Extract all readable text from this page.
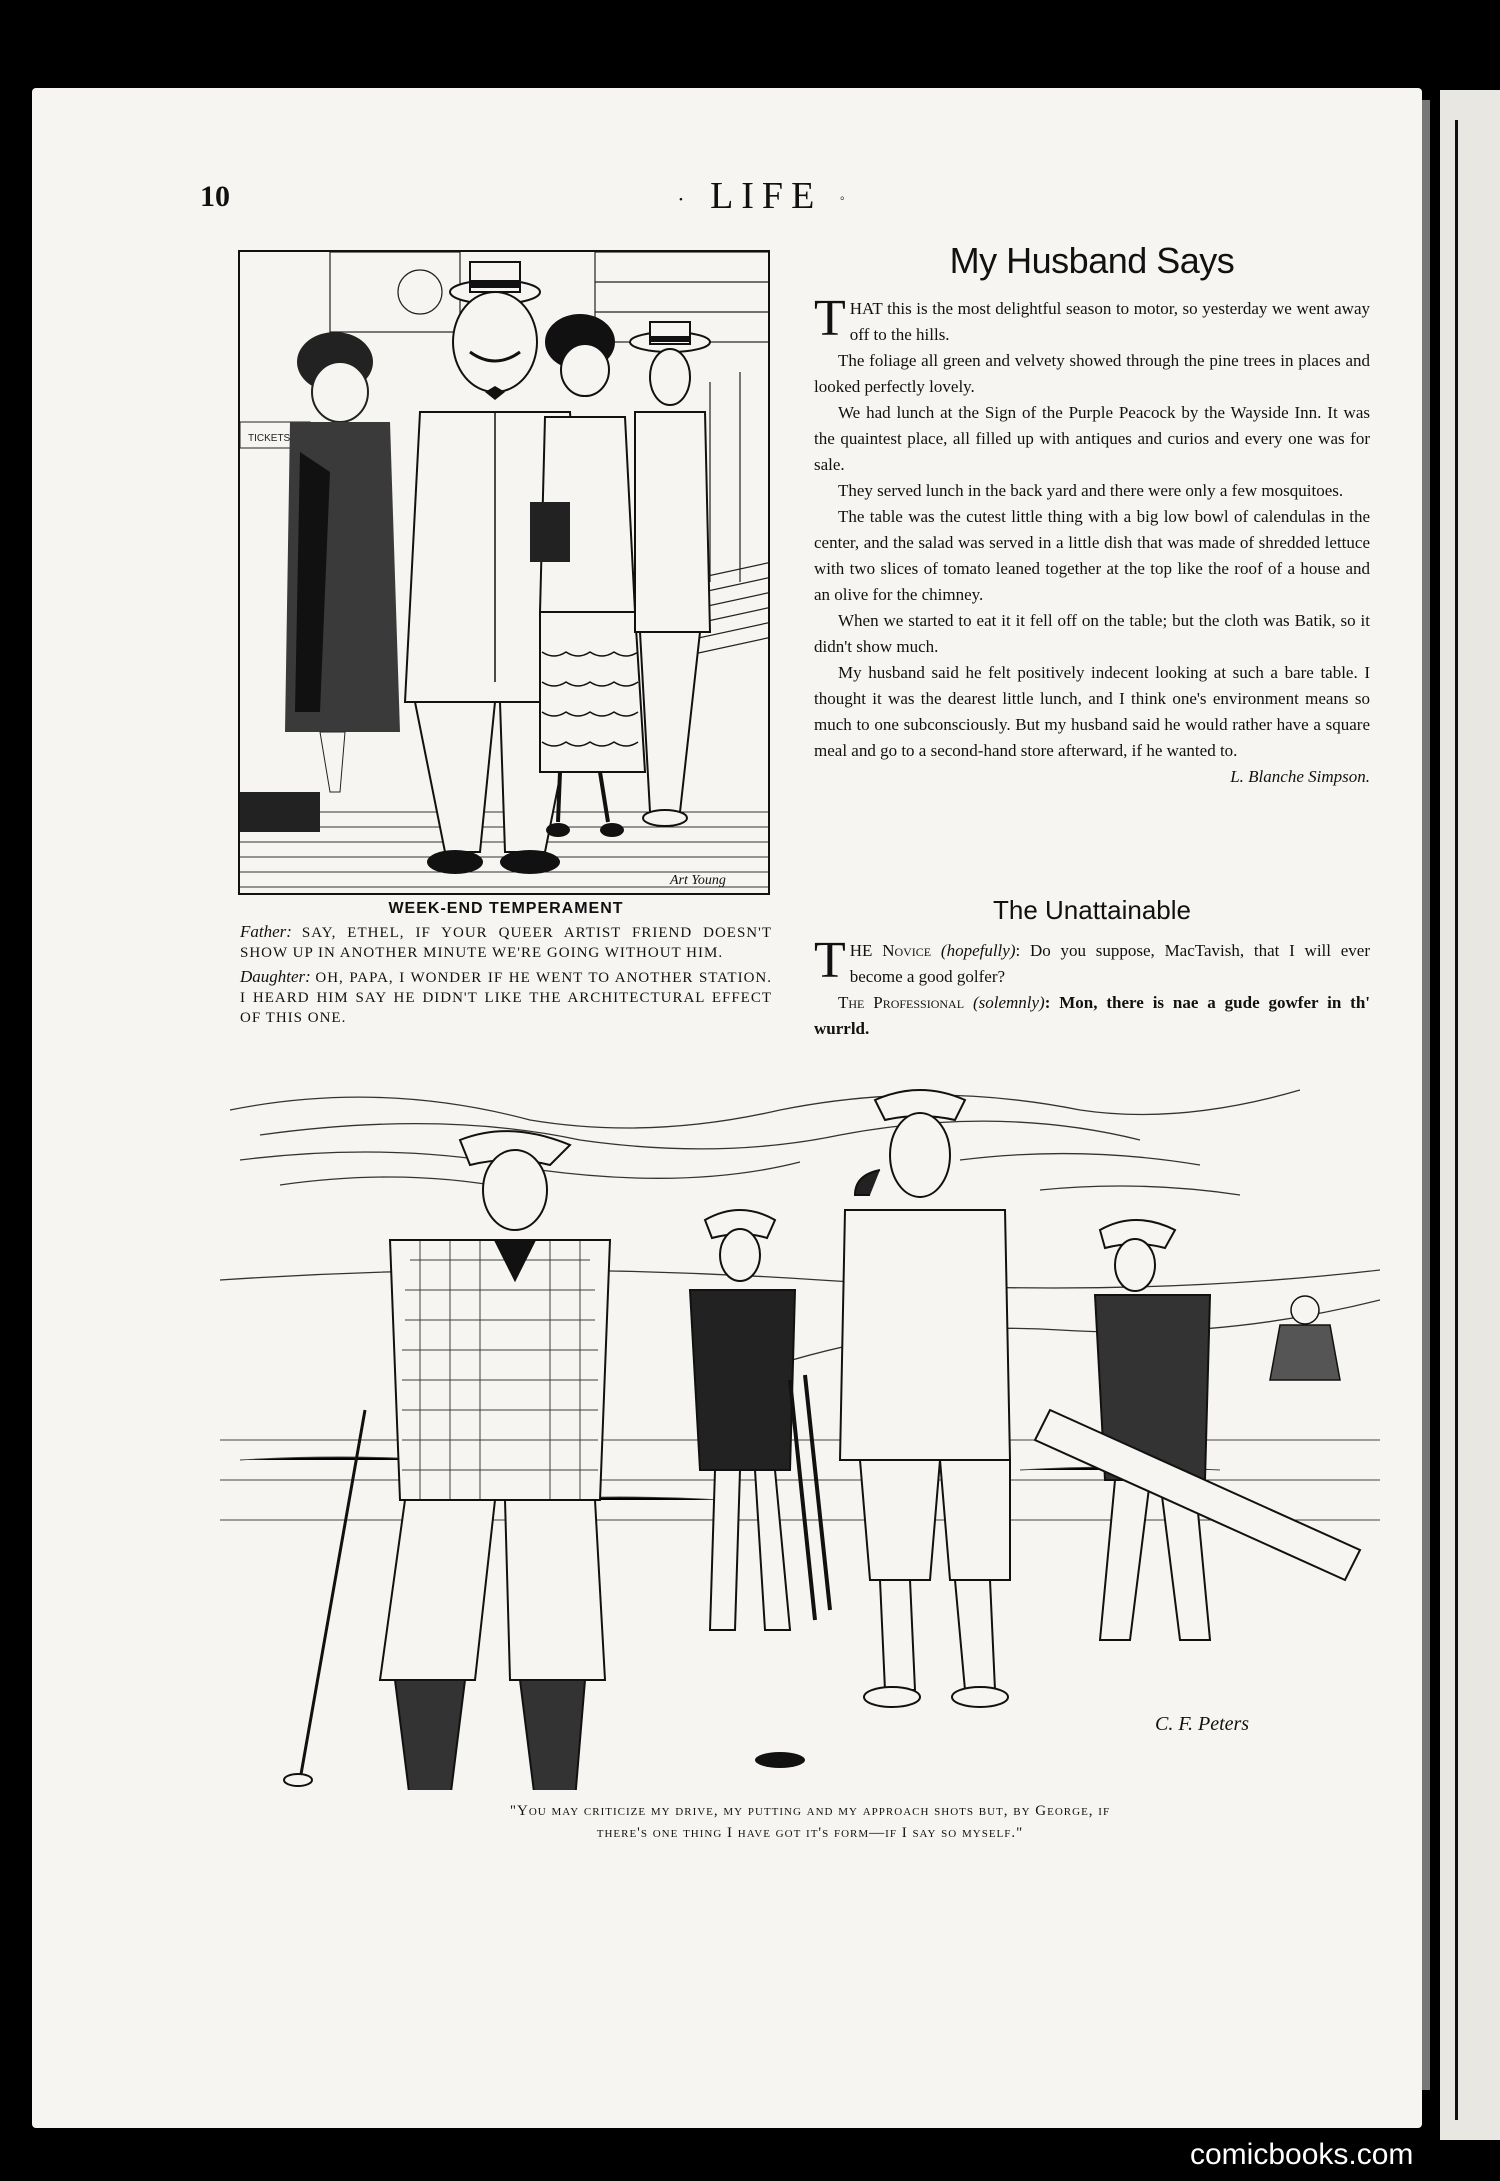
10	· LIFE ◦
TICKETS
Art Young
WEEK-END TEMPERAMENT
Father: SAY, ETHEL, IF YOUR QUEER ARTIST FRIEND DOESN'T SHOW UP IN ANOTHER MINUTE WE'RE GOING WITHOUT HIM.
Daughter: OH, PAPA, I WONDER IF HE WENT TO ANOTHER STATION. I HEARD HIM SAY HE DIDN'T LIKE THE ARCHITECTURAL EFFECT OF THIS ONE.
My Husband Says

THAT this is the most delightful season to motor, so yesterday we went away off to the hills.

The foliage all green and velvety showed through the pine trees in places and looked perfectly lovely.

We had lunch at the Sign of the Purple Peacock by the Wayside Inn. It was the quaintest place, all filled up with antiques and curios and every one was for sale.

They served lunch in the back yard and there were only a few mosquitoes.

The table was the cutest little thing with a big low bowl of calendulas in the center, and the salad was served in a little dish that was made of shredded lettuce with two slices of tomato leaned together at the top like the roof of a house and an olive for the chimney.

When we started to eat it it fell off on the table; but the cloth was Batik, so it didn't show much.

My husband said he felt positively indecent looking at such a bare table. I thought it was the dearest little lunch, and I think one's environment means so much to one subconsciously. But my husband said he would rather have a square meal and go to a second-hand store afterward, if he wanted to.
L. Blanche Simpson.

The Unattainable

THE Novice (hopefully): Do you suppose, MacTavish, that I will ever become a good golfer?

The Professional (solemnly): Mon, there is nae a gude gowfer in th' wurrld.

C. F. Peters
"You may criticize my drive, my putting and my approach shots but, by George, if
there's one thing I have got it's form—if I say so myself."
comicbooks.com
